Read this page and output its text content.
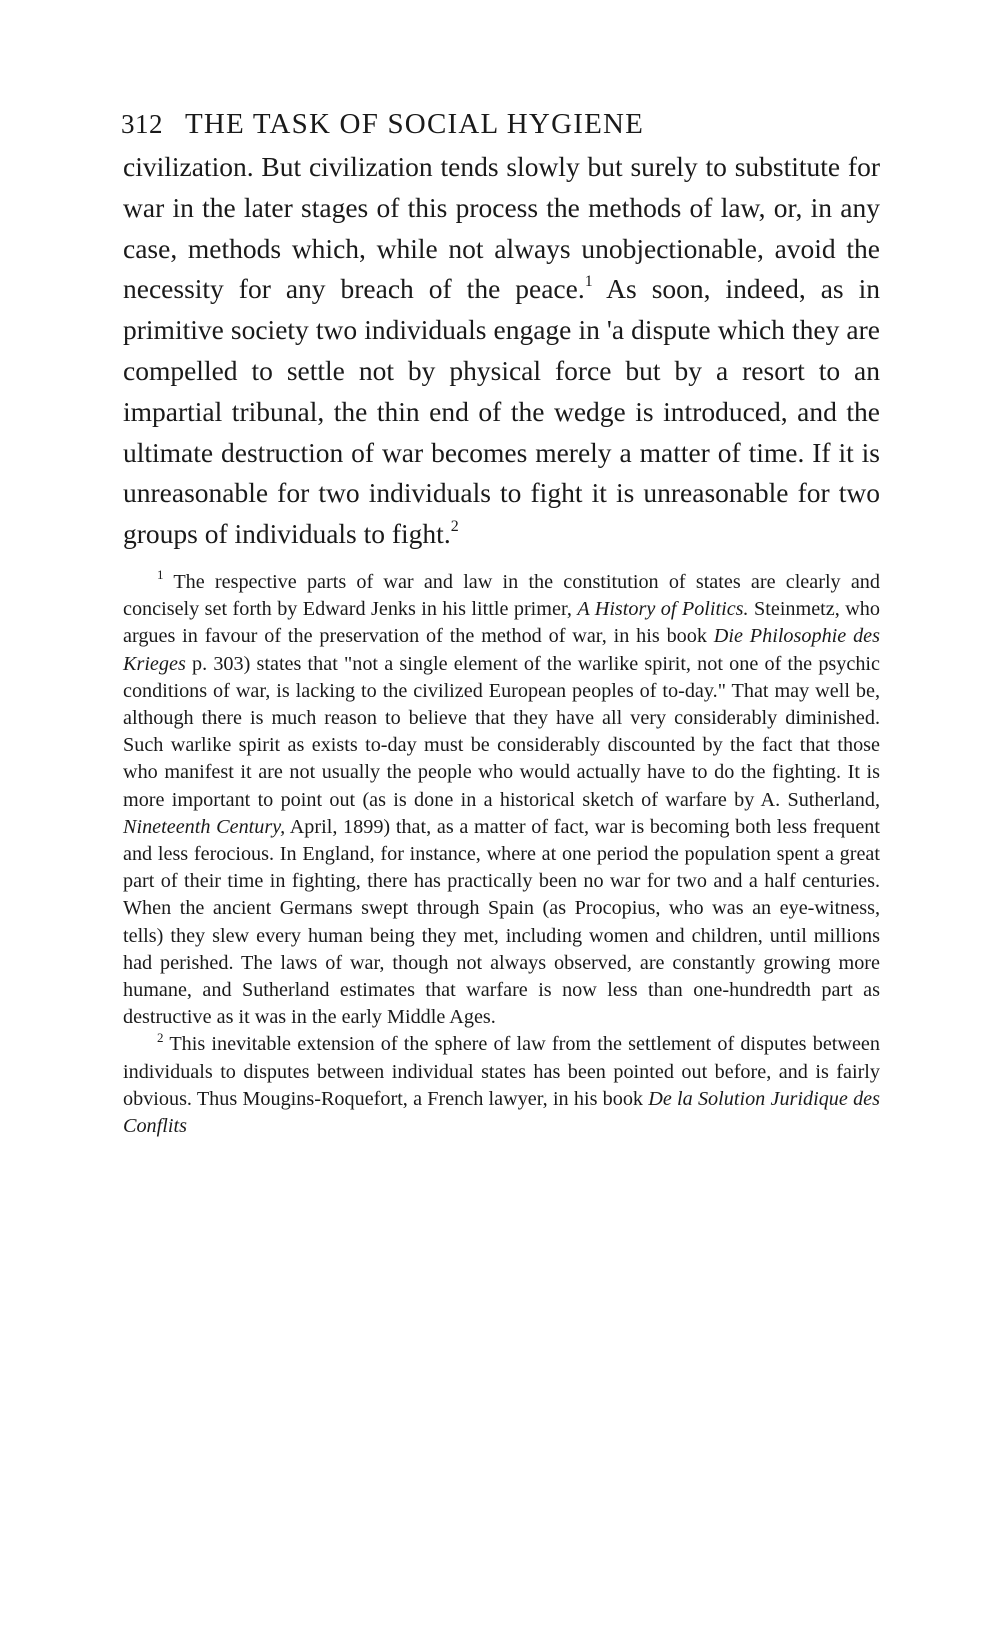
312 THE TASK OF SOCIAL HYGIENE

civilization. But civilization tends slowly but surely to substitute for war in the later stages of this process the methods of law, or, in any case, methods which, while not always unobjectionable, avoid the necessity for any breach of the peace.$^1$ As soon, indeed, as in primitive society two individuals engage in 'a dispute which they are compelled to settle not by physical force but by a resort to an impartial tribunal, the thin end of the wedge is introduced, and the ultimate destruction of war becomes merely a matter of time. If it is unreasonable for two individuals to fight it is unreasonable for two groups of individuals to fight.$^2$

$^1$ The respective parts of war and law in the constitution of states are clearly and concisely set forth by Edward Jenks in his little primer, A History of Politics. Steinmetz, who argues in favour of the preservation of the method of war, in his book Die Philosophie des Krieges p. 303) states that "not a single element of the warlike spirit, not one of the psychic conditions of war, is lacking to the civilized European peoples of to-day." That may well be, although there is much reason to believe that they have all very considerably diminished. Such warlike spirit as exists to-day must be considerably discounted by the fact that those who manifest it are not usually the people who would actually have to do the fighting. It is more important to point out (as is done in a historical sketch of warfare by A. Sutherland, Nineteenth Century, April, 1899) that, as a matter of fact, war is becoming both less frequent and less ferocious. In England, for instance, where at one period the population spent a great part of their time in fighting, there has practically been no war for two and a half centuries. When the ancient Germans swept through Spain (as Procopius, who was an eye-witness, tells) they slew every human being they met, including women and children, until millions had perished. The laws of war, though not always observed, are constantly growing more humane, and Sutherland estimates that warfare is now less than one-hundredth part as destructive as it was in the early Middle Ages.

$^2$ This inevitable extension of the sphere of law from the settlement of disputes between individuals to disputes between individual states has been pointed out before, and is fairly obvious. Thus Mougins-Roquefort, a French lawyer, in his book De la Solution Juridique des Conflits
